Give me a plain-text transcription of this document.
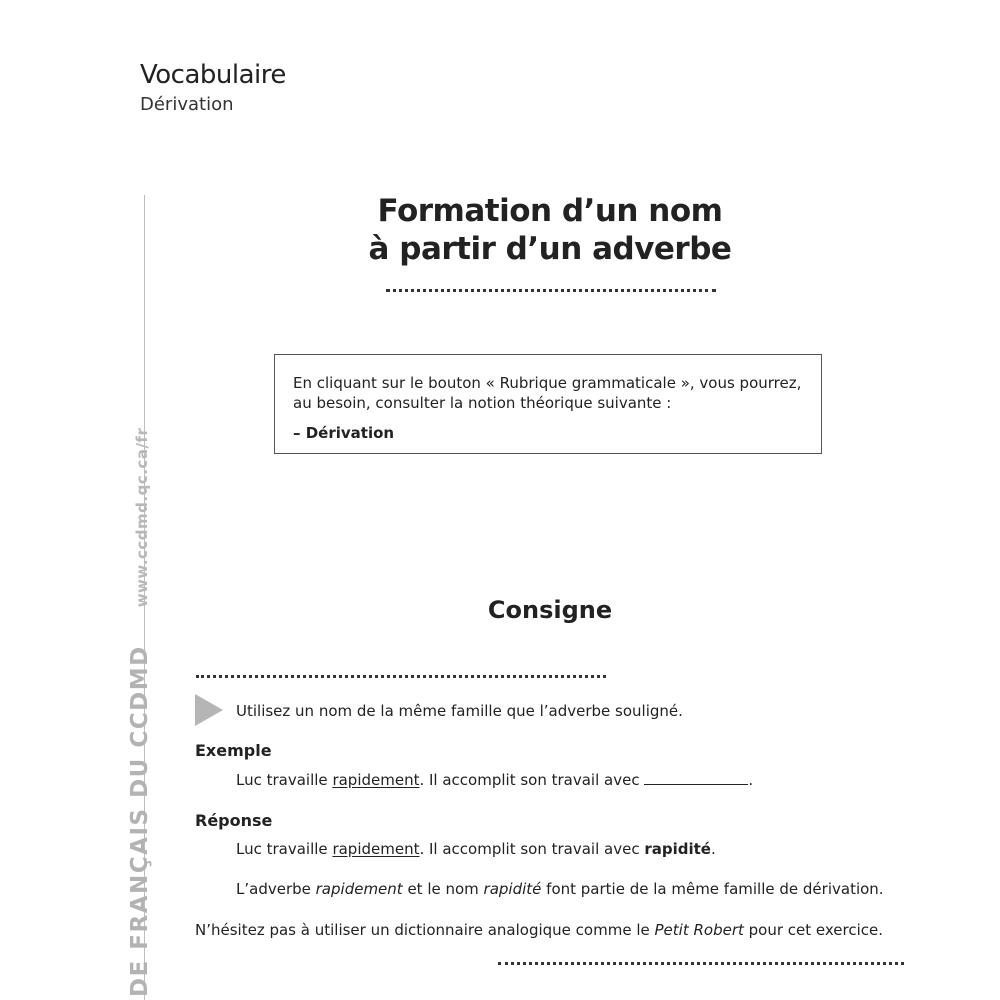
Vocabulaire
Dérivation
DE FRANÇAIS DU CCDMDwww.ccdmd.qc.ca/fr
Formation d’un nom
à partir d’un adverbe

En cliquant sur le bouton « Rubrique grammaticale », vous pourrez,

au besoin, consulter la notion théorique suivante :

– Dérivation

Consigne
Utilisez un nom de la même famille que l’adverbe souligné.
Exemple
Luc travaille rapidement. Il accomplit son travail avec	.
Réponse
Luc travaille rapidement. Il accomplit son travail avec rapidité.
L’adverbe rapidement et le nom rapidité font partie de la même famille de dérivation.
N’hésitez pas à utiliser un dictionnaire analogique comme le Petit Robert pour cet exercice.
